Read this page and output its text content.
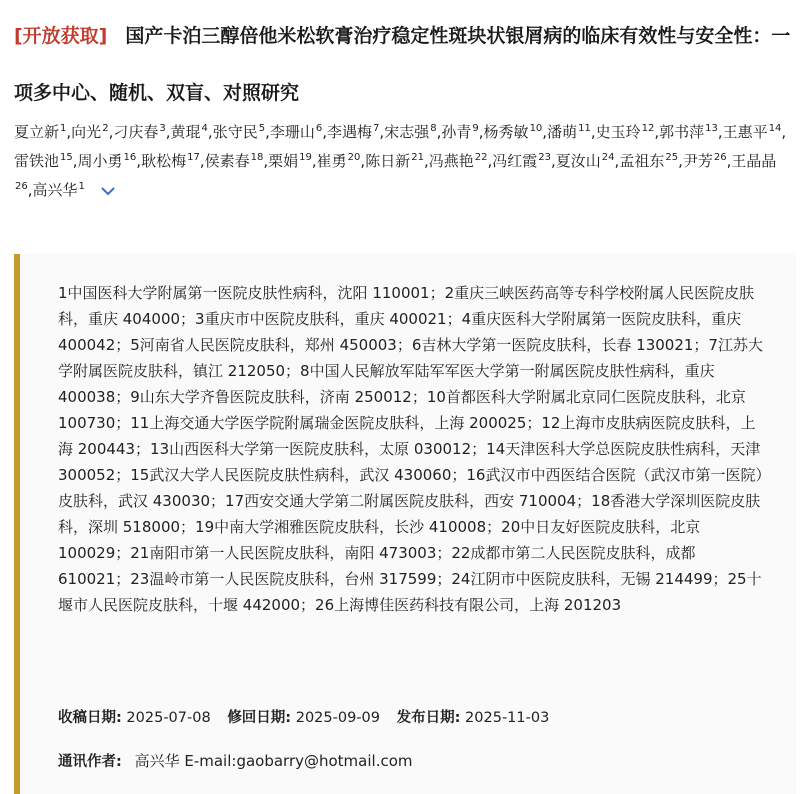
[开放获取] 国产卡泊三醇倍他米松软膏治疗稳定性斑块状银屑病的临床有效性与安全性：一项多中心、随机、双盲、对照研究
夏立新$^1$,向光$^2$,刁庆春$^3$,黄琨$^4$,张守民$^5$,李珊山$^6$,李遇梅$^7$,宋志强$^8$,孙青$^9$,杨秀敏$^{10}$,潘萌$^{11}$,史玉玲$^{12}$,郭书萍$^{13}$,王惠平$^{14}$,雷铁池$^{15}$,周小勇$^{16}$,耿松梅$^{17}$,侯素春$^{18}$,栗娟$^{19}$,崔勇$^{20}$,陈日新$^{21}$,冯燕艳$^{22}$,冯红霞$^{23}$,夏汝山$^{24}$,孟祖东$^{25}$,尹芳$^{26}$,王晶晶$^{26}$,高兴华$^1$
1中国医科大学附属第一医院皮肤性病科，沈阳 110001；2重庆三峡医药高等专科学校附属人民医院皮肤科，重庆 404000；3重庆市中医院皮肤科，重庆 400021；4重庆医科大学附属第一医院皮肤科，重庆 400042；5河南省人民医院皮肤科，郑州 450003；6吉林大学第一医院皮肤科，长春 130021；7江苏大学附属医院皮肤科，镇江 212050；8中国人民解放军陆军军医大学第一附属医院皮肤性病科，重庆 400038；9山东大学齐鲁医院皮肤科，济南 250012；10首都医科大学附属北京同仁医院皮肤科，北京 100730；11上海交通大学医学院附属瑞金医院皮肤科，上海 200025；12上海市皮肤病医院皮肤科，上海 200443；13山西医科大学第一医院皮肤科，太原 030012；14天津医科大学总医院皮肤性病科，天津 300052；15武汉大学人民医院皮肤性病科，武汉 430060；16武汉市中西医结合医院（武汉市第一医院）皮肤科，武汉 430030；17西安交通大学第二附属医院皮肤科，西安 710004；18香港大学深圳医院皮肤科，深圳 518000；19中南大学湘雅医院皮肤科，长沙 410008；20中日友好医院皮肤科，北京 100029；21南阳市第一人民医院皮肤科，南阳 473003；22成都市第二人民医院皮肤科，成都 610021；23温岭市第一人民医院皮肤科，台州 317599；24江阴市中医院皮肤科，无锡 214499；25十堰市人民医院皮肤科，十堰 442000；26上海博佳医药科技有限公司，上海 201203
收稿日期: 2025-07-08 修回日期: 2025-09-09 发布日期: 2025-11-03
通讯作者: 高兴华 E-mail:gaobarry@hotmail.com
